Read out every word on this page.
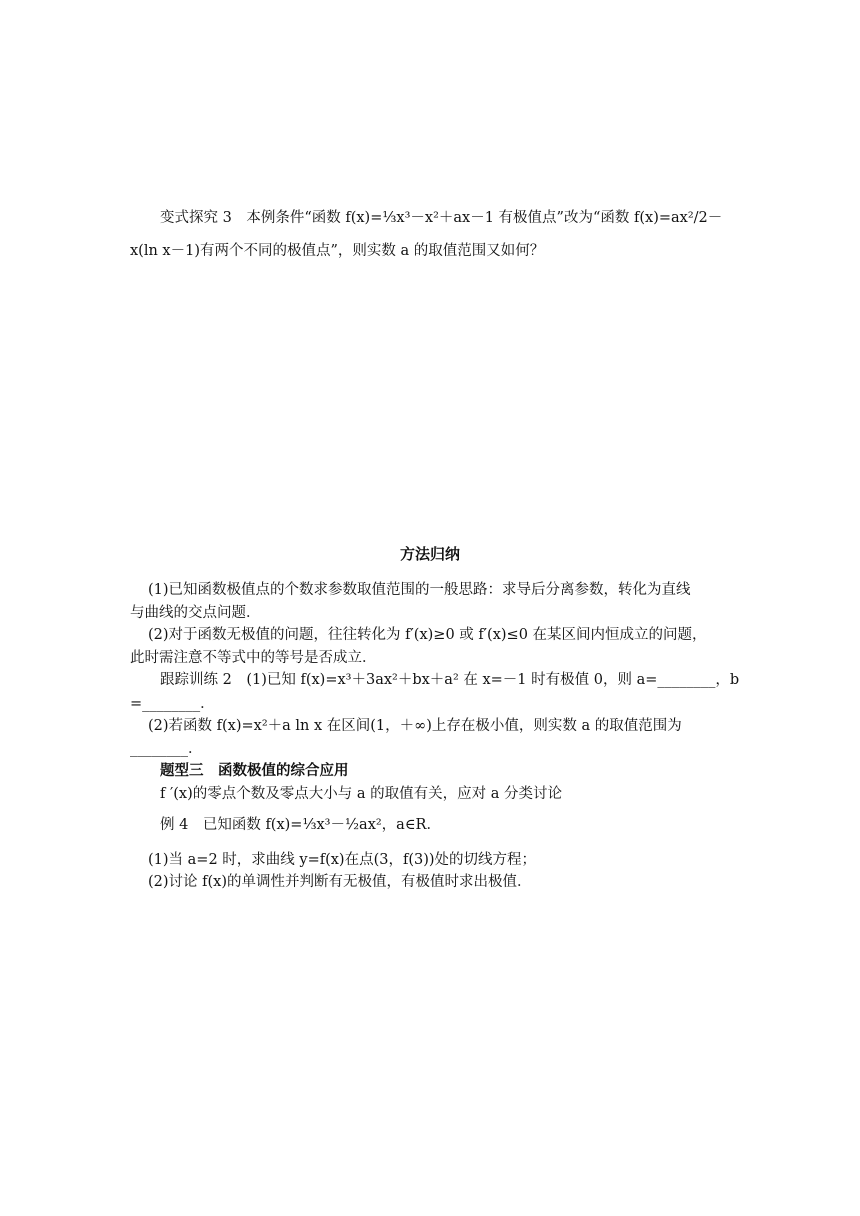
变式探究 3　本例条件“函数 f(x)=⅓x³－x²＋ax－1 有极值点”改为“函数 f(x)=ax²/2－
x(ln x－1)有两个不同的极值点”，则实数 a 的取值范围又如何？
方法归纳
(1)已知函数极值点的个数求参数取值范围的一般思路：求导后分离参数，转化为直线
与曲线的交点问题．
(2)对于函数无极值的问题，往往转化为 f′(x)≥0 或 f′(x)≤0 在某区间内恒成立的问题，
此时需注意不等式中的等号是否成立．
跟踪训练 2　(1)已知 f(x)=x³＋3ax²＋bx＋a² 在 x=－1 时有极值 0，则 a=________，b
=________．
(2)若函数 f(x)=x²＋a ln x 在区间(1，＋∞)上存在极小值，则实数 a 的取值范围为
________．
题型三　函数极值的综合应用
f ′(x)的零点个数及零点大小与 a 的取值有关，应对 a 分类讨论
例 4　已知函数 f(x)=⅓x³－½ax²，a∈R．
(1)当 a=2 时，求曲线 y=f(x)在点(3，f(3))处的切线方程；
(2)讨论 f(x)的单调性并判断有无极值，有极值时求出极值．
